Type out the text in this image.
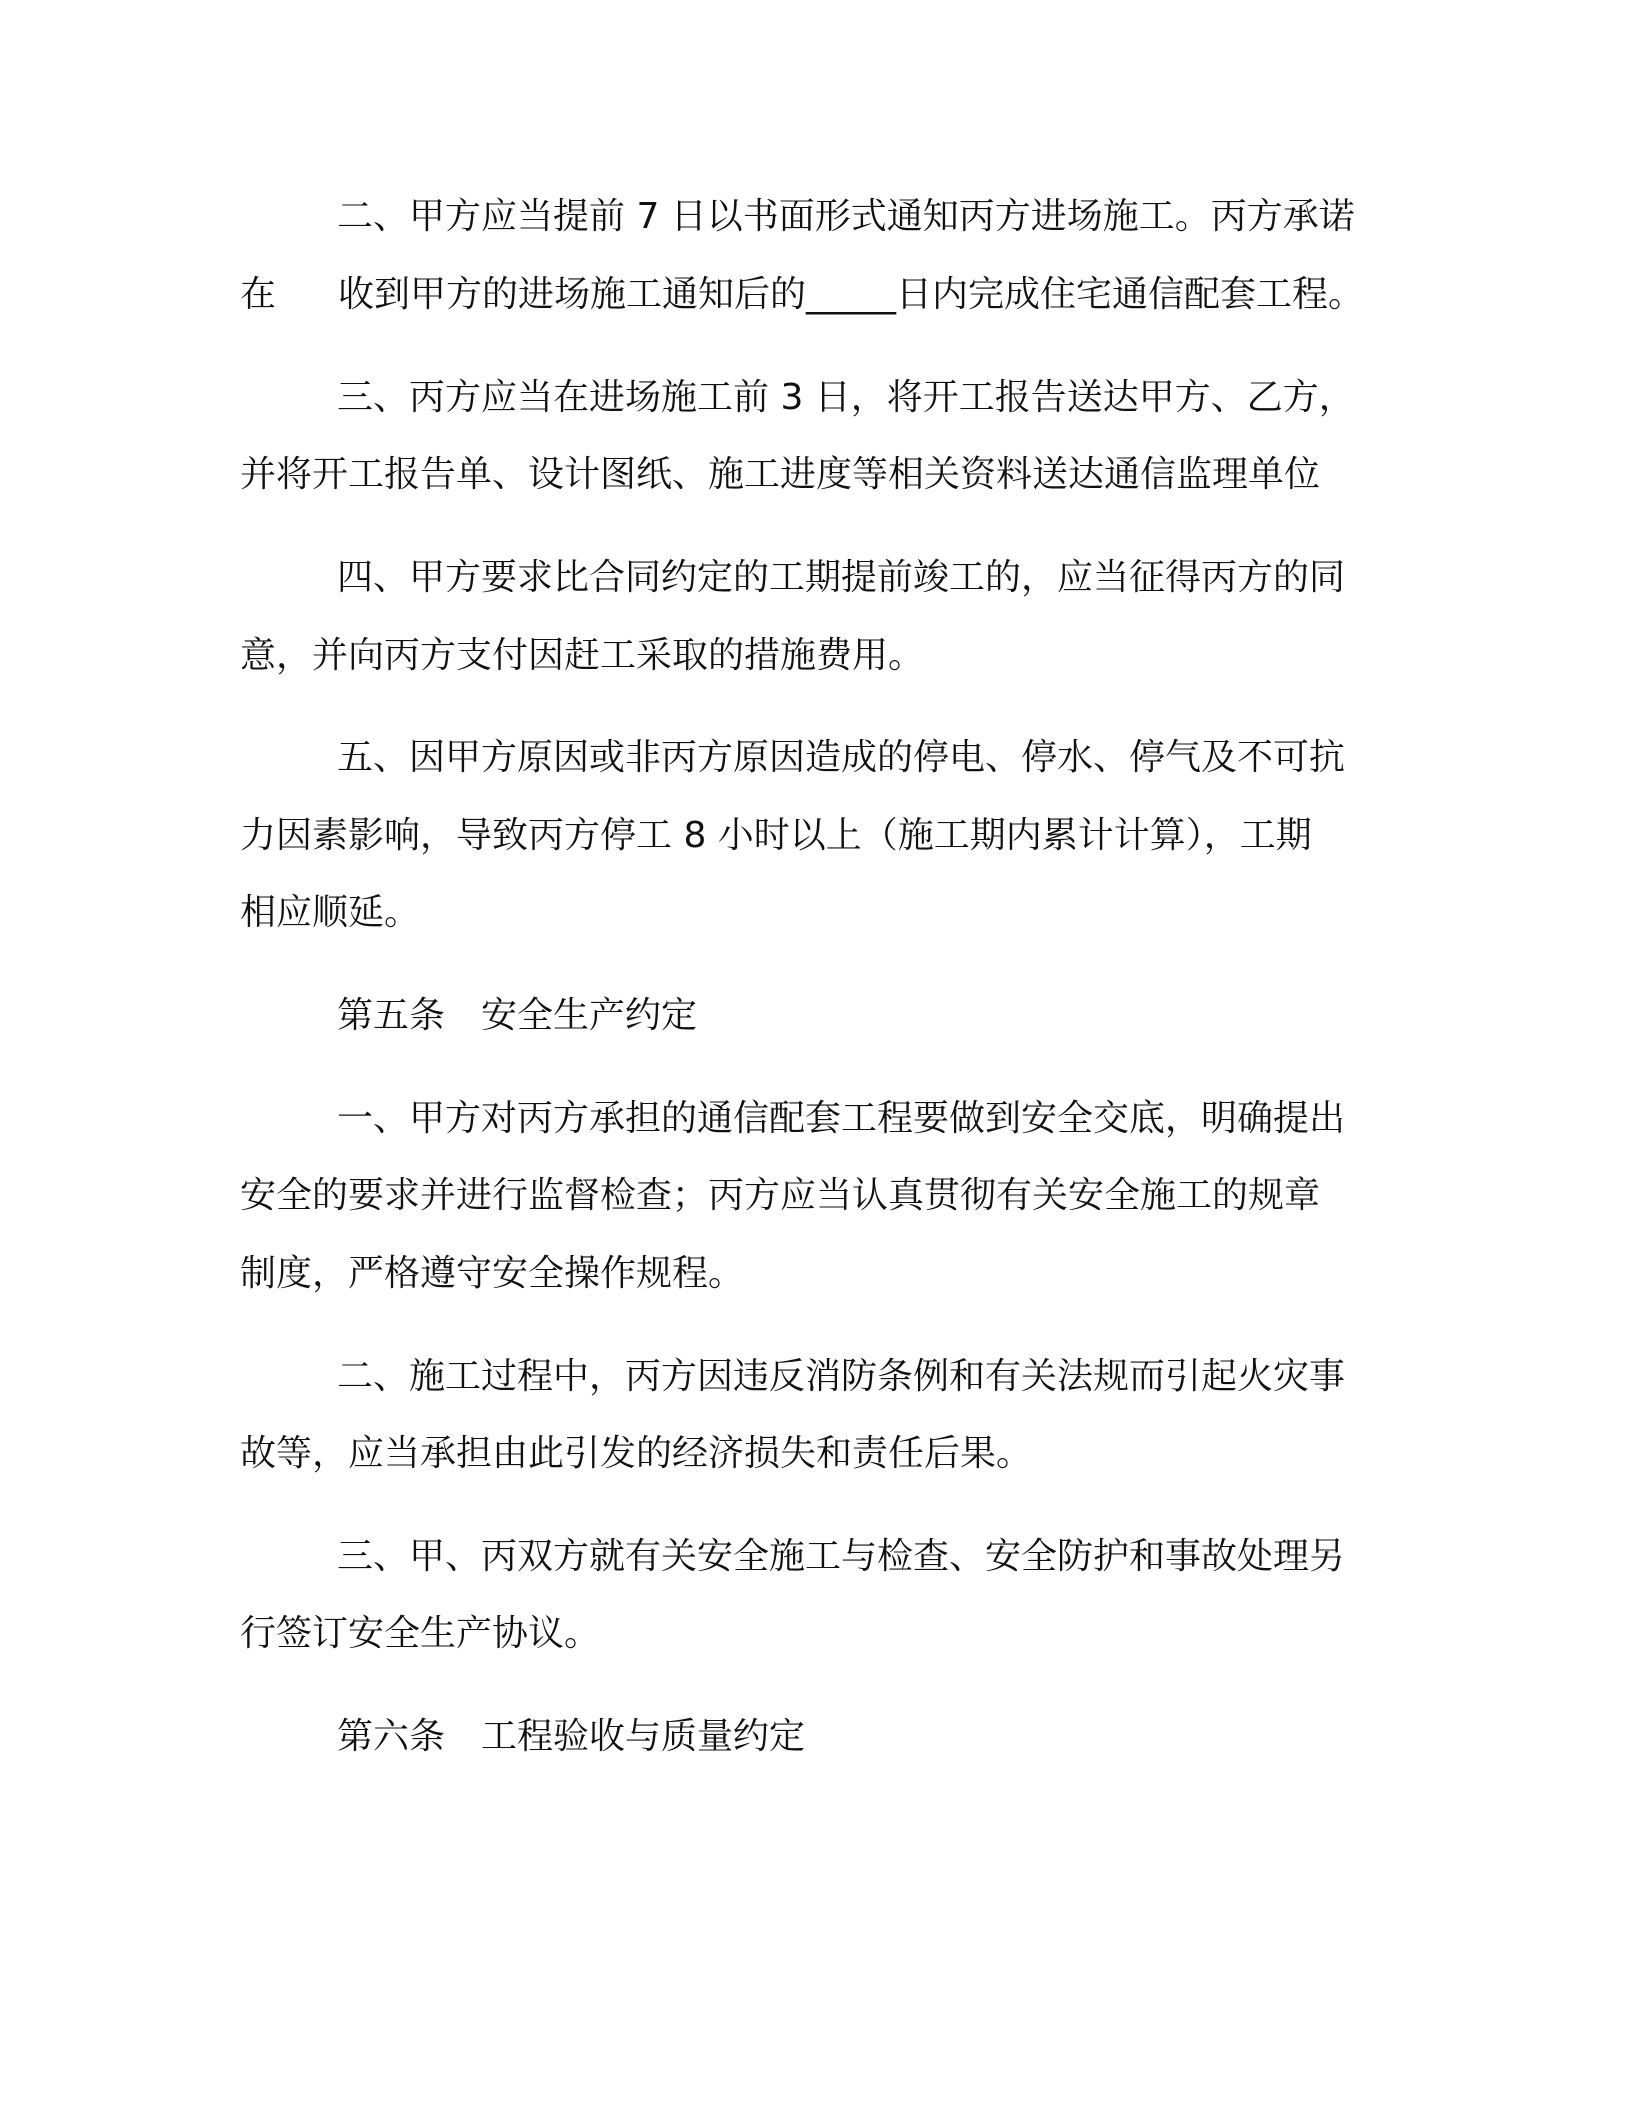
二、甲方应当提前 7 日以书面形式通知丙方进场施工。丙方承诺
在 收到甲方的进场施工通知后的_____日内完成住宅通信配套工程。
三、丙方应当在进场施工前 3 日，将开工报告送达甲方、乙方，
并将开工报告单、设计图纸、施工进度等相关资料送达通信监理单位
四、甲方要求比合同约定的工期提前竣工的，应当征得丙方的同
意，并向丙方支付因赶工采取的措施费用。
五、因甲方原因或非丙方原因造成的停电、停水、停气及不可抗
力因素影响，导致丙方停工 8 小时以上（施工期内累计计算），工期
相应顺延。
第五条 安全生产约定
一、甲方对丙方承担的通信配套工程要做到安全交底，明确提出
安全的要求并进行监督检查；丙方应当认真贯彻有关安全施工的规章
制度，严格遵守安全操作规程。
二、施工过程中，丙方因违反消防条例和有关法规而引起火灾事
故等，应当承担由此引发的经济损失和责任后果。
三、甲、丙双方就有关安全施工与检查、安全防护和事故处理另
行签订安全生产协议。
第六条 工程验收与质量约定
